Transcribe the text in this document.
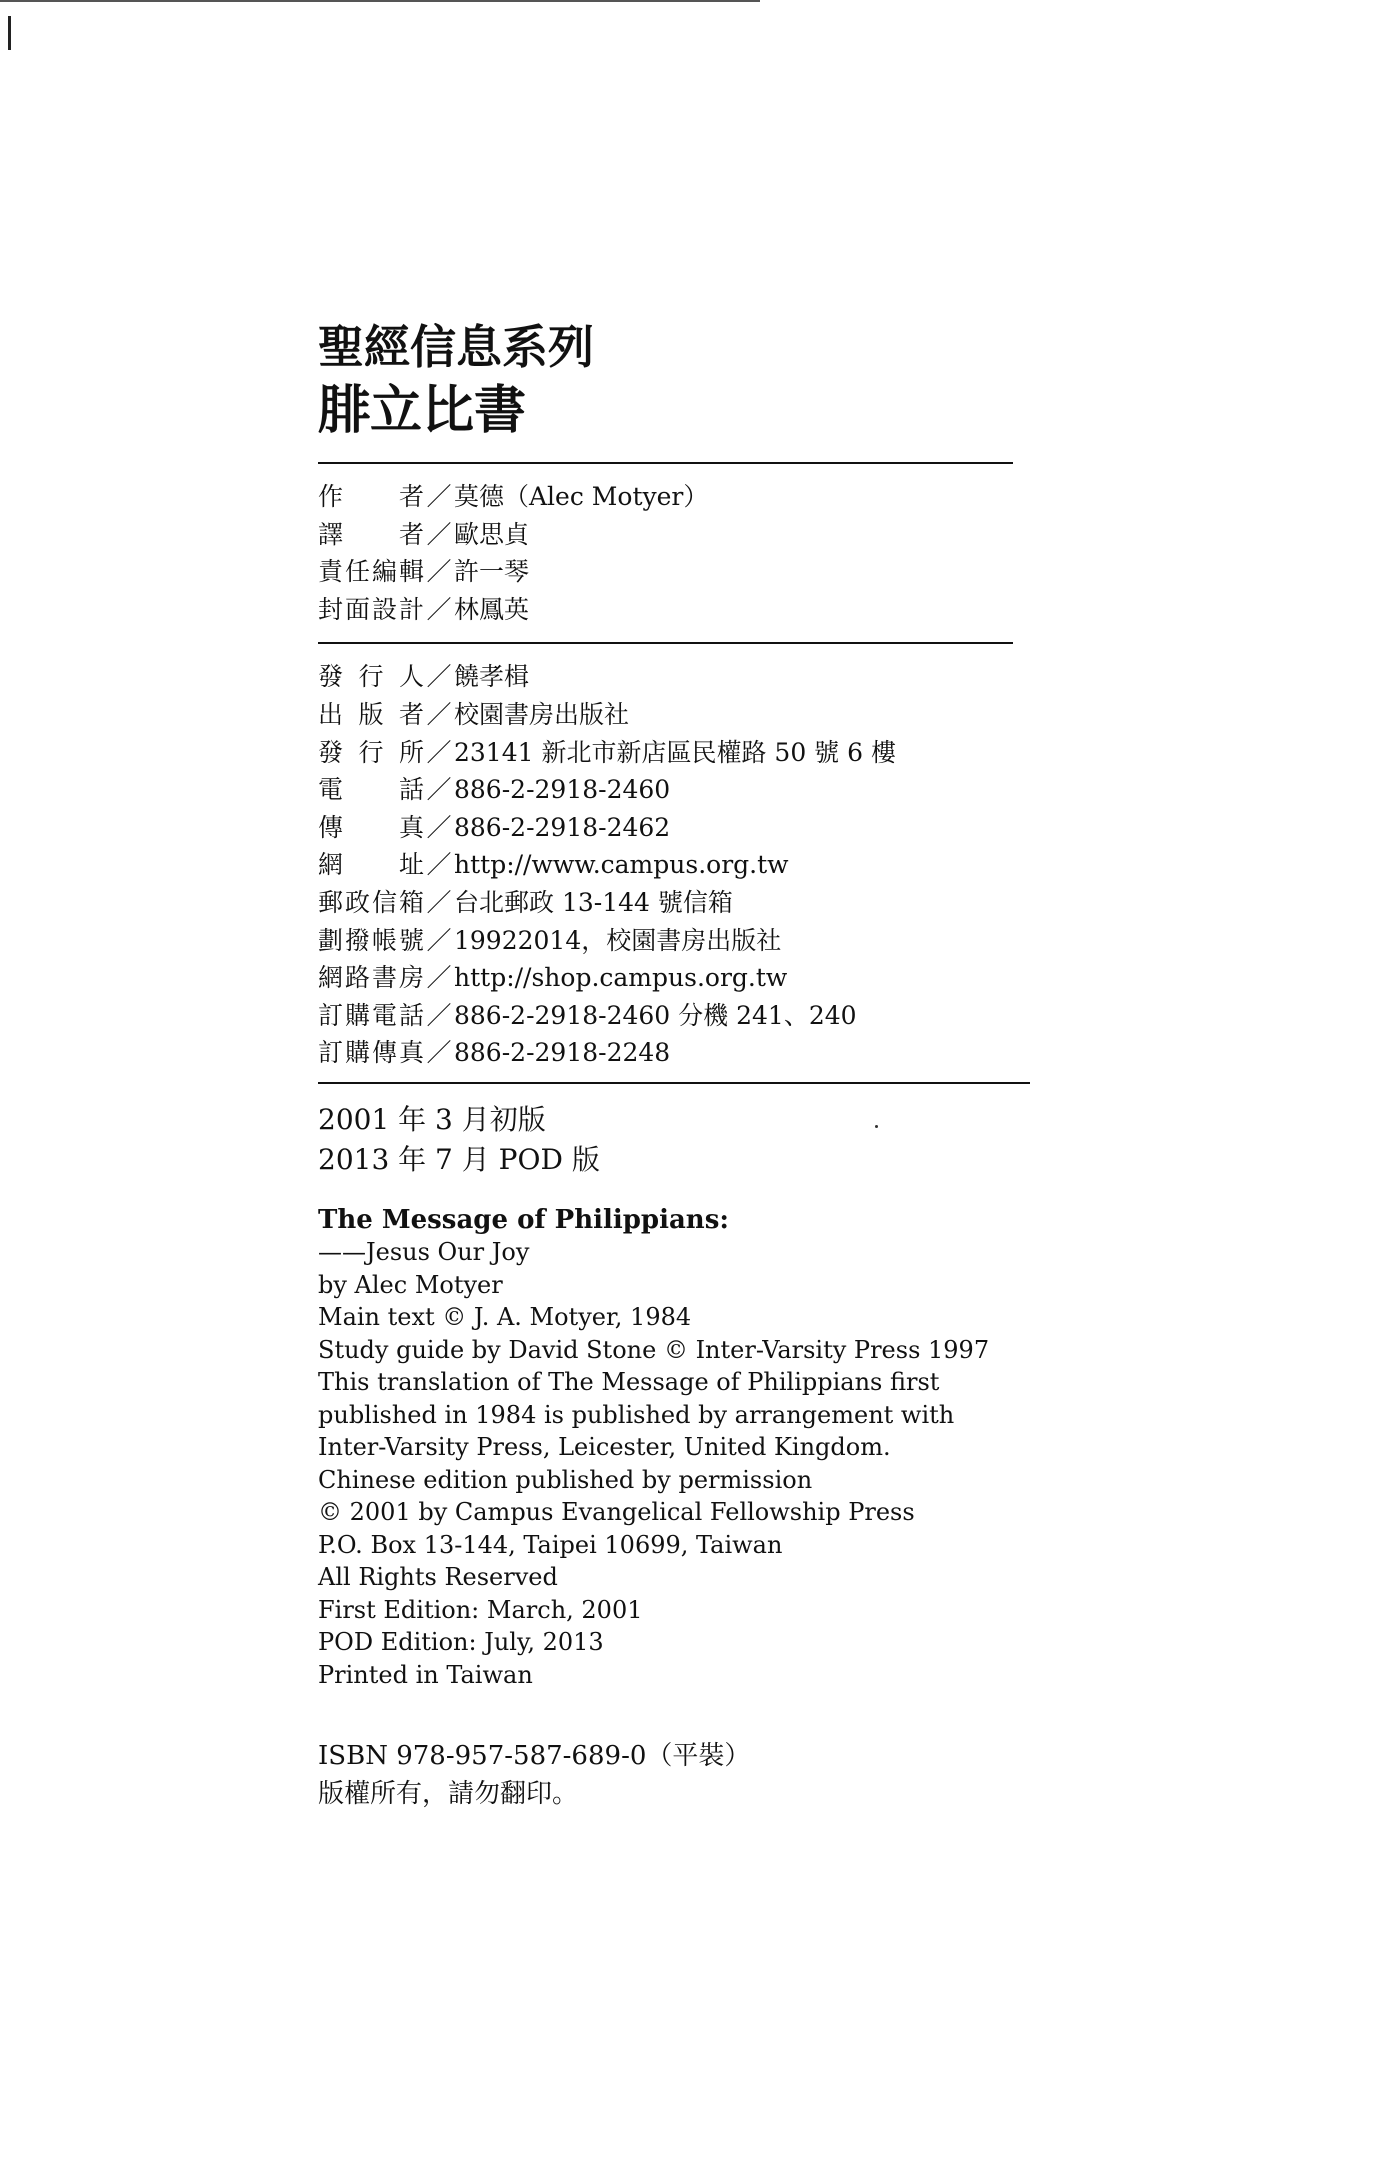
聖經信息系列
腓立比書
作 者 ／ 莫德（Alec Motyer）
譯 者 ／ 歐思貞
責 任 編 輯 ／ 許一琴
封 面 設 計 ／ 林鳳英
發 行 人 ／ 饒孝楫
出 版 者 ／ 校園書房出版社
發 行 所 ／ 23141 新北市新店區民權路 50 號 6 樓
電 話 ／ 886-2-2918-2460
傳 真 ／ 886-2-2918-2462
網 址 ／ http://www.campus.org.tw
郵 政 信 箱 ／ 台北郵政 13-144 號信箱
劃 撥 帳 號 ／ 19922014，校園書房出版社
網 路 書 房 ／ http://shop.campus.org.tw
訂 購 電 話 ／ 886-2-2918-2460 分機 241、240
訂 購 傳 真 ／ 886-2-2918-2248
2001 年 3 月初版
2013 年 7 月 POD 版
The Message of Philippians:
——Jesus Our Joy
by Alec Motyer
Main text © J. A. Motyer, 1984
Study guide by David Stone © Inter-Varsity Press 1997
This translation of The Message of Philippians first
published in 1984 is published by arrangement with
Inter-Varsity Press, Leicester, United Kingdom.
Chinese edition published by permission
© 2001 by Campus Evangelical Fellowship Press
P.O. Box 13-144, Taipei 10699, Taiwan
All Rights Reserved
First Edition: March, 2001
POD Edition: July, 2013
Printed in Taiwan
ISBN 978-957-587-689-0（平裝）
版權所有，請勿翻印。
